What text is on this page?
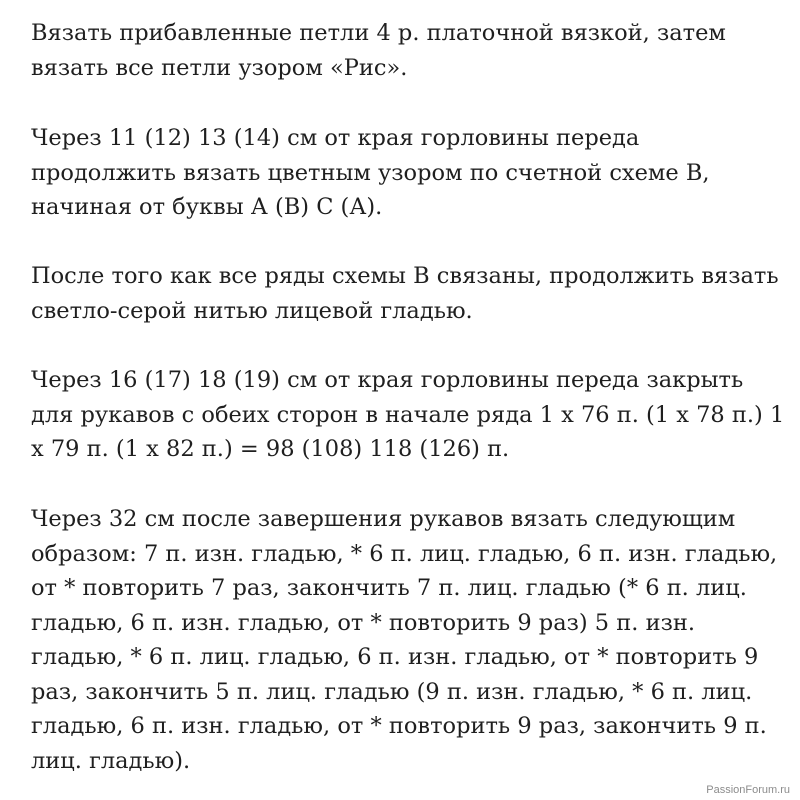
Вязать прибавленные петли 4 р. платочной вязкой, затем
вязать все петли узором «Рис».

Через 11 (12) 13 (14) см от края горловины переда
продолжить вязать цветным узором по счетной схеме В,
начиная от буквы А (В) С (А).

После того как все ряды схемы В связаны, продолжить вязать
светло-серой нитью лицевой гладью.

Через 16 (17) 18 (19) см от края горловины переда закрыть
для рукавов с обеих сторон в начале ряда 1 х 76 п. (1 х 78 п.) 1
х 79 п. (1 х 82 п.) = 98 (108) 118 (126) п.

Через 32 см после завершения рукавов вязать следующим
образом: 7 п. изн. гладью, * 6 п. лиц. гладью, 6 п. изн. гладью,
от * повторить 7 раз, закончить 7 п. лиц. гладью (* 6 п. лиц.
гладью, 6 п. изн. гладью, от * повторить 9 раз) 5 п. изн.
гладью, * 6 п. лиц. гладью, 6 п. изн. гладью, от * повторить 9
раз, закончить 5 п. лиц. гладью (9 п. изн. гладью, * 6 п. лиц.
гладью, 6 п. изн. гладью, от * повторить 9 раз, закончить 9 п.
лиц. гладью).

PassionForum.ru
